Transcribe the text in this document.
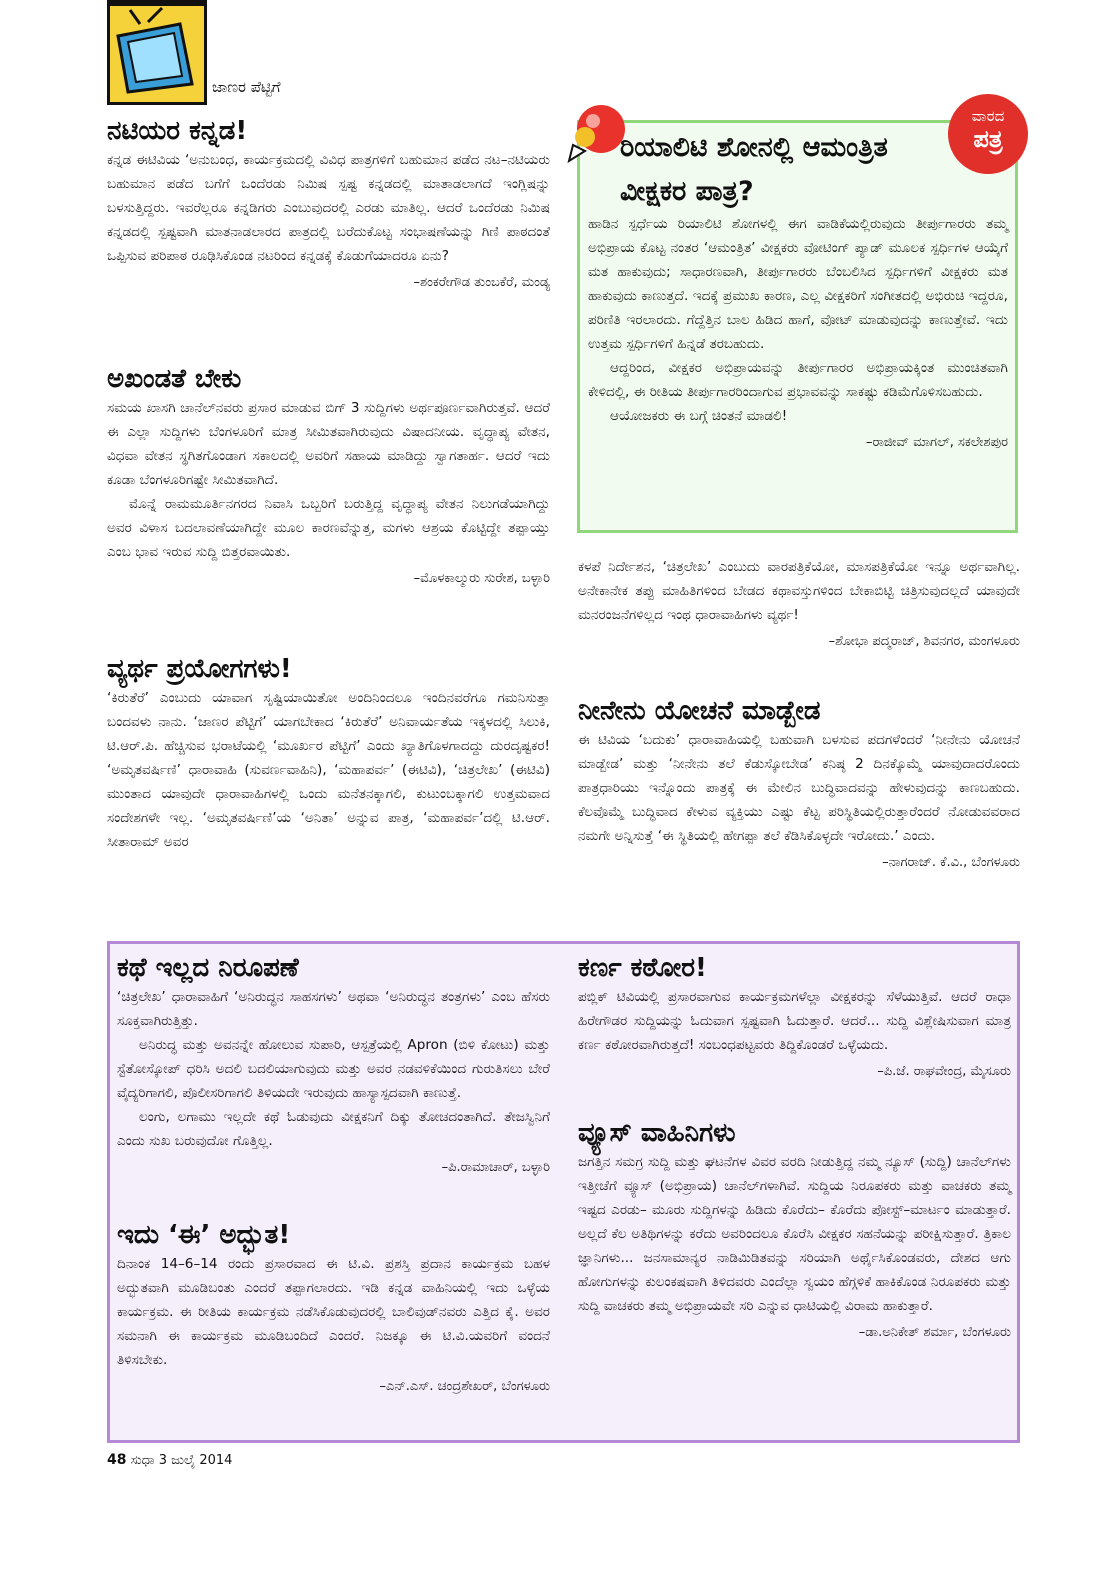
ಜಾಣರ ಪೆಟ್ಟಿಗೆ
ನಟಿಯರ ಕನ್ನಡ!

ಕನ್ನಡ ಈಟಿವಿಯ ‘ಅನುಬಂಧ, ಕಾರ್ಯಕ್ರಮದಲ್ಲಿ ವಿವಿಧ ಪಾತ್ರಗಳಿಗೆ ಬಹುಮಾನ ಪಡೆದ ನಟ–ನಟಿಯರು ಬಹುಮಾನ ಪಡೆದ ಬಗೆಗೆ ಒಂದೆರಡು ನಿಮಿಷ ಸ್ಪಷ್ಟ ಕನ್ನಡದಲ್ಲಿ ಮಾತಾಡಲಾಗದೆ ಇಂಗ್ಲಿಷನ್ನು ಬಳಸುತ್ತಿದ್ದರು. ಇವರೆಲ್ಲರೂ ಕನ್ನಡಿಗರು ಎಂಬುವುದರಲ್ಲಿ ಎರಡು ಮಾತಿಲ್ಲ. ಆದರೆ ಒಂದೆರಡು ನಿಮಿಷ ಕನ್ನಡದಲ್ಲಿ ಸ್ಪಷ್ಟವಾಗಿ ಮಾತನಾಡಲಾರದ ಪಾತ್ರದಲ್ಲಿ ಬರೆದುಕೊಟ್ಟ ಸಂಭಾಷಣೆಯನ್ನು ಗಿಣಿ ಪಾಠದಂತೆ ಒಪ್ಪಿಸುವ ಪರಿಪಾಠ ರೂಢಿಸಿಕೊಂಡ ನಟರಿಂದ ಕನ್ನಡಕ್ಕೆ ಕೊಡುಗೆಯಾದರೂ ಏನು?

–ಶಂಕರೇಗೌಡ ತುಂಬಕೆರೆ, ಮಂಡ್ಯ
ಅಖಂಡತೆ ಬೇಕು

ಸಮಯ ಖಾಸಗಿ ಚಾನೆಲ್‌ನವರು ಪ್ರಸಾರ ಮಾಡುವ ಬಿಗ್ 3 ಸುದ್ದಿಗಳು ಅರ್ಥಪೂರ್ಣವಾಗಿರುತ್ತವೆ. ಆದರೆ ಈ ಎಲ್ಲಾ ಸುದ್ದಿಗಳು ಬೆಂಗಳೂರಿಗೆ ಮಾತ್ರ ಸೀಮಿತವಾಗಿರುವುದು ವಿಷಾದನೀಯ. ವೃದ್ಧಾಪ್ಯ ವೇತನ, ವಿಧವಾ ವೇತನ ಸ್ಥಗಿತಗೊಂಡಾಗ ಸಕಾಲದಲ್ಲಿ ಅವರಿಗೆ ಸಹಾಯ ಮಾಡಿದ್ದು ಸ್ವಾಗತಾರ್ಹ. ಆದರೆ ಇದು ಕೂಡಾ ಬೆಂಗಳೂರಿಗಷ್ಟೇ ಸೀಮಿತವಾಗಿದೆ.

ಮೊನ್ನೆ ರಾಮಮೂರ್ತಿನಗರದ ನಿವಾಸಿ ಒಬ್ಬರಿಗೆ ಬರುತ್ತಿದ್ದ ವೃದ್ಧಾಪ್ಯ ವೇತನ ನಿಲುಗಡೆಯಾಗಿದ್ದು ಅವರ ವಿಳಾಸ ಬದಲಾವಣೆಯಾಗಿದ್ದೇ ಮೂಲ ಕಾರಣವೆನ್ನುತ್ತ, ಮಗಳು ಆಶ್ರಯ ಕೊಟ್ಟಿದ್ದೇ ತಪ್ಪಾಯ್ತು ಎಂಬ ಭಾವ ಇರುವ ಸುದ್ದಿ ಬಿತ್ತರವಾಯಿತು.

–ಮೊಳಕಾಲ್ಮುರು ಸುರೇಶ, ಬಳ್ಳಾರಿ
ವ್ಯರ್ಥ ಪ್ರಯೋಗಗಳು!

‘ಕಿರುತೆರೆ’ ಎಂಬುದು ಯಾವಾಗ ಸೃಷ್ಟಿಯಾಯಿತೋ ಅಂದಿನಿಂದಲೂ ಇಂದಿನವರೆಗೂ ಗಮನಿಸುತ್ತಾ ಬಂದವಳು ನಾನು. ‘ಜಾಣರ ಪೆಟ್ಟಿಗೆ’ ಯಾಗಬೇಕಾದ ‘ಕಿರುತೆರೆ’ ಅನಿವಾರ್ಯತೆಯ ಇಕ್ಕಳದಲ್ಲಿ ಸಿಲುಕಿ, ಟಿ.ಆರ್.ಪಿ. ಹೆಚ್ಚಿಸುವ ಭರಾಟೆಯಲ್ಲಿ ‘ಮೂರ್ಖರ ಪೆಟ್ಟಿಗೆ’ ಎಂದು ಖ್ಯಾತಿಗೊಳಗಾದದ್ದು ದುರದೃಷ್ಟಕರ! ‘ಅಮೃತವರ್ಷಿಣಿ’ ಧಾರಾವಾಹಿ (ಸುವರ್ಣವಾಹಿನಿ), ‘ಮಹಾಪರ್ವ’ (ಈಟಿವಿ), ‘ಚಿತ್ರಲೇಖ’ (ಈಟಿವಿ) ಮುಂತಾದ ಯಾವುದೇ ಧಾರಾವಾಹಿಗಳಲ್ಲಿ ಒಂದು ಮನೆತನಕ್ಕಾಗಲಿ, ಕುಟುಂಬಕ್ಕಾಗಲಿ ಉತ್ತಮವಾದ ಸಂದೇಶಗಳೇ ಇಲ್ಲ. ‘ಅಮೃತವರ್ಷಿಣಿ’ಯ ‘ಅನಿತಾ’ ಅನ್ನುವ ಪಾತ್ರ, ‘ಮಹಾಪರ್ವ’ದಲ್ಲಿ ಟಿ.ಆರ್. ಸೀತಾರಾಮ್ ಅವರ

ವಾರದ
ಪತ್ರ
ರಿಯಾಲಿಟಿ ಶೋನಲ್ಲಿ ಆಮಂತ್ರಿತ ವೀಕ್ಷಕರ ಪಾತ್ರ?

ಹಾಡಿನ ಸ್ಪರ್ಧೆಯ ರಿಯಾಲಿಟಿ ಶೋಗಳಲ್ಲಿ ಈಗ ವಾಡಿಕೆಯಲ್ಲಿರುವುದು ತೀರ್ಪುಗಾರರು ತಮ್ಮ ಅಭಿಪ್ರಾಯ ಕೊಟ್ಟ ನಂತರ ‘ಆಮಂತ್ರಿತ’ ವೀಕ್ಷಕರು ವೋಟಿಂಗ್ ಪ್ಯಾಡ್ ಮೂಲಕ ಸ್ಪರ್ಧಿಗಳ ಆಯ್ಕೆಗೆ ಮತ ಹಾಕುವುದು; ಸಾಧಾರಣವಾಗಿ, ತೀರ್ಪುಗಾರರು ಬೆಂಬಲಿಸಿದ ಸ್ಪರ್ಧಿಗಳಿಗೆ ವೀಕ್ಷಕರು ಮತ ಹಾಕುವುದು ಕಾಣುತ್ತದೆ. ಇದಕ್ಕೆ ಪ್ರಮುಖ ಕಾರಣ, ಎಲ್ಲ ವೀಕ್ಷಕರಿಗೆ ಸಂಗೀತದಲ್ಲಿ ಅಭಿರುಚಿ ಇದ್ದರೂ, ಪರಿಣಿತಿ ಇರಲಾರದು. ಗೆದ್ದೆತ್ತಿನ ಬಾಲ ಹಿಡಿದ ಹಾಗೆ, ವೋಟ್ ಮಾಡುವುದನ್ನು ಕಾಣುತ್ತೇವೆ. ಇದು ಉತ್ತಮ ಸ್ಪರ್ಧಿಗಳಿಗೆ ಹಿನ್ನಡೆ ತರಬಹುದು.

ಆದ್ದರಿಂದ, ವೀಕ್ಷಕರ ಅಭಿಪ್ರಾಯವನ್ನು ತೀರ್ಪುಗಾರರ ಅಭಿಪ್ರಾಯಕ್ಕಿಂತ ಮುಂಚಿತವಾಗಿ ಕೇಳಿದಲ್ಲಿ, ಈ ರೀತಿಯ ತೀರ್ಪುಗಾರರಿಂದಾಗುವ ಪ್ರಭಾವವನ್ನು ಸಾಕಷ್ಟು ಕಡಿಮೆಗೊಳಿಸಬಹುದು.

ಆಯೋಜಕರು ಈ ಬಗ್ಗೆ ಚಿಂತನೆ ಮಾಡಲಿ!

–ರಾಜೀವ್ ಮಾಗಲ್, ಸಕಲೇಶಪುರ

ಕಳಪೆ ನಿರ್ದೇಶನ, ‘ಚಿತ್ರಲೇಖ’ ಎಂಬುದು ವಾರಪತ್ರಿಕೆಯೋ, ಮಾಸಪತ್ರಿಕೆಯೋ ಇನ್ನೂ ಅರ್ಥವಾಗಿಲ್ಲ. ಅನೇಕಾನೇಕ ತಪ್ಪು ಮಾಹಿತಿಗಳಿಂದ ಬೇಡದ ಕಥಾವಸ್ತುಗಳಿಂದ ಬೇಕಾಬಿಟ್ಟಿ ಚಿತ್ರಿಸುವುದಲ್ಲದೆ ಯಾವುದೇ ಮನರಂಜನೆಗಳಿಲ್ಲದ ಇಂಥ ಧಾರಾವಾಹಿಗಳು ವ್ಯರ್ಥ!

–ಶೋಭಾ ಪದ್ಮರಾಜ್, ಶಿವನಗರ, ಮಂಗಳೂರು
ನೀನೇನು ಯೋಚನೆ ಮಾಡ್ಬೇಡ

ಈ ಟಿವಿಯ ‘ಬದುಕು’ ಧಾರಾವಾಹಿಯಲ್ಲಿ ಬಹುವಾಗಿ ಬಳಸುವ ಪದಗಳೆಂದರೆ ‘ನೀನೇನು ಯೋಚನೆ ಮಾಡ್ಬೇಡ’ ಮತ್ತು ‘ನೀನೇನು ತಲೆ ಕೆಡುಸ್ಕೋಬೇಡ’ ಕನಿಷ್ಠ 2 ದಿನಕ್ಕೊಮ್ಮೆ ಯಾವುದಾದರೊಂದು ಪಾತ್ರಧಾರಿಯು ಇನ್ನೊಂದು ಪಾತ್ರಕ್ಕೆ ಈ ಮೇಲಿನ ಬುದ್ಧಿವಾದವನ್ನು ಹೇಳುವುದನ್ನು ಕಾಣಬಹುದು. ಕೆಲವೊಮ್ಮೆ ಬುದ್ಧಿವಾದ ಕೇಳುವ ವ್ಯಕ್ತಿಯು ಎಷ್ಟು ಕೆಟ್ಟ ಪರಿಸ್ಥಿತಿಯಲ್ಲಿರುತ್ತಾರೆಂದರೆ ನೋಡುವವರಾದ ನಮಗೇ ಅನ್ನಿಸುತ್ತೆ ‘ಈ ಸ್ಥಿತಿಯಲ್ಲಿ ಹೇಗಪ್ಪಾ ತಲೆ ಕೆಡಿಸಿಕೊಳ್ಳದೇ ಇರೋದು.’ ಎಂದು.

–ನಾಗರಾಜ್. ಕೆ.ವಿ., ಬೆಂಗಳೂರು
ಕಥೆ ಇಲ್ಲದ ನಿರೂಪಣೆ

‘ಚಿತ್ರಲೇಖ’ ಧಾರಾವಾಹಿಗೆ ‘ಅನಿರುದ್ಧನ ಸಾಹಸಗಳು’ ಅಥವಾ ‘ಅನಿರುದ್ಧನ ತಂತ್ರಗಳು’ ಎಂಬ ಹೆಸರು ಸೂಕ್ತವಾಗಿರುತ್ತಿತ್ತು.

ಅನಿರುದ್ಧ ಮತ್ತು ಅವನನ್ನೇ ಹೋಲುವ ಸುಪಾರಿ, ಆಸ್ಪತ್ರೆಯಲ್ಲಿ Apron (ಬಿಳಿ ಕೋಟು) ಮತ್ತು ಸ್ಟೆತೋಸ್ಕೋಪ್ ಧರಿಸಿ ಅದಲಿ ಬದಲಿಯಾಗುವುದು ಮತ್ತು ಅವರ ನಡವಳಿಕೆಯಿಂದ ಗುರುತಿಸಲು ಬೇರೆ ವೈದ್ಯರಿಗಾಗಲಿ, ಪೊಲೀಸರಿಗಾಗಲಿ ತಿಳಿಯದೇ ಇರುವುದು ಹಾಸ್ಯಾಸ್ಪದವಾಗಿ ಕಾಣುತ್ತೆ.

ಲಂಗು, ಲಗಾಮು ಇಲ್ಲದೇ ಕಥೆ ಓಡುವುದು ವೀಕ್ಷಕನಿಗೆ ದಿಕ್ಕು ತೋಚದಂತಾಗಿದೆ. ತೇಜಸ್ವಿನಿಗೆ ಎಂದು ಸುಖ ಬರುವುದೋ ಗೊತ್ತಿಲ್ಲ.

–ಪಿ.ರಾಮಾಚಾರ್, ಬಳ್ಳಾರಿ
ಇದು ‘ಈ’ ಅದ್ಭುತ!

ದಿನಾಂಕ 14–6–14 ರಂದು ಪ್ರಸಾರವಾದ ಈ ಟಿ.ವಿ. ಪ್ರಶಸ್ತಿ ಪ್ರದಾನ ಕಾರ್ಯಕ್ರಮ ಬಹಳ ಅದ್ಭುತವಾಗಿ ಮೂಡಿಬಂತು ಎಂದರೆ ತಪ್ಪಾಗಲಾರದು. ಇಡಿ ಕನ್ನಡ ವಾಹಿನಿಯಲ್ಲಿ ಇದು ಒಳ್ಳೆಯ ಕಾರ್ಯಕ್ರಮ. ಈ ರೀತಿಯ ಕಾರ್ಯಕ್ರಮ ನಡೆಸಿಕೊಡುವುದರಲ್ಲಿ ಬಾಲಿವುಡ್‌ನವರು ಎತ್ತಿದ ಕೈ. ಅವರ ಸಮನಾಗಿ ಈ ಕಾರ್ಯಕ್ರಮ ಮೂಡಿಬಂದಿದೆ ಎಂದರೆ. ನಿಜಕ್ಕೂ ಈ ಟಿ.ವಿ.ಯವರಿಗೆ ವಂದನೆ ತಿಳಿಸಬೇಕು.

–ಎನ್.ಎಸ್. ಚಂದ್ರಶೇಖರ್, ಬೆಂಗಳೂರು
ಕರ್ಣ ಕಠೋರ!

ಪಬ್ಲಿಕ್ ಟಿವಿಯಲ್ಲಿ ಪ್ರಸಾರವಾಗುವ ಕಾರ್ಯಕ್ರಮಗಳೆಲ್ಲಾ ವೀಕ್ಷಕರನ್ನು ಸೆಳೆಯುತ್ತಿವೆ. ಆದರೆ ರಾಧಾ ಹಿರೇಗೌಡರ ಸುದ್ದಿಯನ್ನು ಓದುವಾಗ ಸ್ಪಷ್ಟವಾಗಿ ಓದುತ್ತಾರೆ. ಆದರೆ... ಸುದ್ದಿ ವಿಶ್ಲೇಷಿಸುವಾಗ ಮಾತ್ರ ಕರ್ಣ ಕಠೋರವಾಗಿರುತ್ತದೆ! ಸಂಬಂಧಪಟ್ಟವರು ತಿದ್ದಿಕೊಂಡರೆ ಒಳ್ಳೆಯದು.

–ಪಿ.ಜೆ. ರಾಘವೇಂದ್ರ, ಮೈಸೂರು
ವ್ಯೂಸ್ ವಾಹಿನಿಗಳು

ಜಗತ್ತಿನ ಸಮಗ್ರ ಸುದ್ದಿ ಮತ್ತು ಘಟನೆಗಳ ವಿವರ ವರದಿ ನೀಡುತ್ತಿದ್ದ ನಮ್ಮ ನ್ಯೂಸ್ (ಸುದ್ದಿ) ಚಾನೆಲ್‌ಗಳು ಇತ್ತೀಚೆಗೆ ವ್ಯೂಸ್ (ಅಭಿಪ್ರಾಯ) ಚಾನೆಲ್‌ಗಳಾಗಿವೆ. ಸುದ್ದಿಯ ನಿರೂಪಕರು ಮತ್ತು ವಾಚಕರು ತಮ್ಮ ಇಷ್ಟದ ಎರಡು– ಮೂರು ಸುದ್ದಿಗಳನ್ನು ಹಿಡಿದು ಕೊರೆದು– ಕೊರೆದು ಪೋಸ್ಟ್–ಮಾರ್ಟಂ ಮಾಡುತ್ತಾರೆ. ಅಲ್ಲದೆ ಕೆಲ ಅತಿಥಿಗಳನ್ನು ಕರೆದು ಅವರಿಂದಲೂ ಕೊರೆಸಿ ವೀಕ್ಷಕರ ಸಹನೆಯನ್ನು ಪರೀಕ್ಷಿಸುತ್ತಾರೆ. ತ್ರಿಕಾಲ ಜ್ಞಾನಿಗಳು... ಜನಸಾಮಾನ್ಯರ ನಾಡಿಮಿಡಿತವನ್ನು ಸರಿಯಾಗಿ ಅರ್ಥೈಸಿಕೊಂಡವರು, ದೇಶದ ಆಗು ಹೋಗುಗಳನ್ನು ಕುಲಂಕಷವಾಗಿ ತಿಳಿದವರು ಎಂದೆಲ್ಲಾ ಸ್ವಯಂ ಹೆಗ್ಗಳಿಕೆ ಹಾಕಿಕೊಂಡ ನಿರೂಪಕರು ಮತ್ತು ಸುದ್ದಿ ವಾಚಕರು ತಮ್ಮ ಅಭಿಪ್ರಾಯವೇ ಸರಿ ಎನ್ನುವ ಧಾಟಿಯಲ್ಲಿ ವಿರಾಮ ಹಾಕುತ್ತಾರೆ.

–ಡಾ.ಅನಿಕೇತ್ ಶರ್ಮಾ, ಬೆಂಗಳೂರು
48 ಸುಧಾ 3 ಜುಲೈ 2014
